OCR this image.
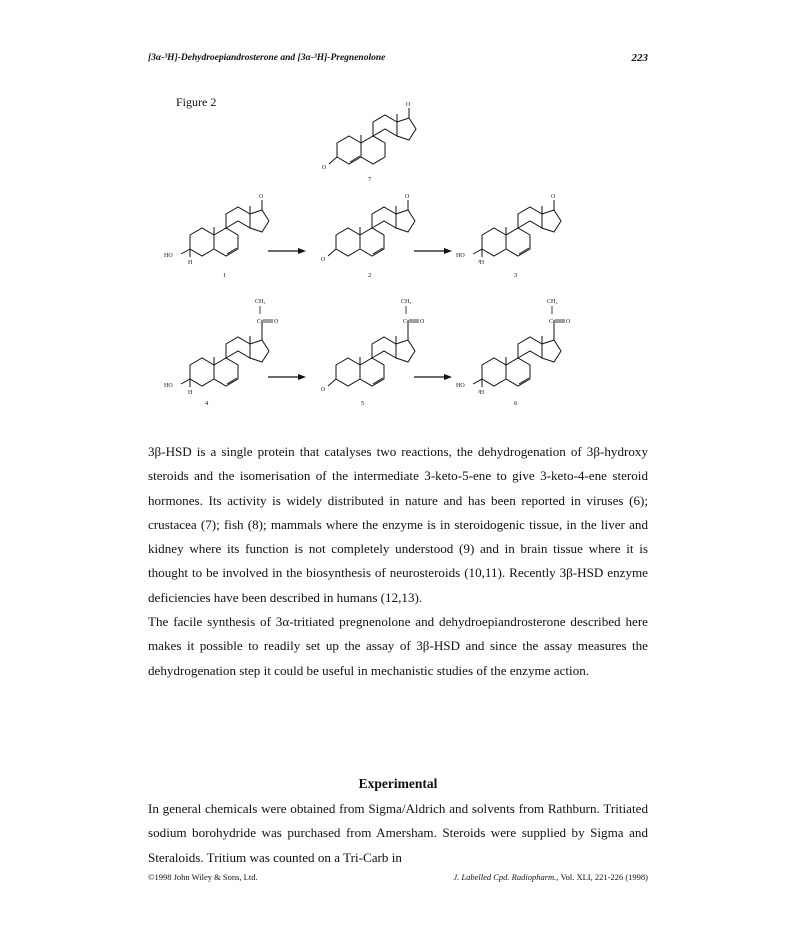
[3α-³H]-Dehydroepiandrosterone and [3α-³H]-Pregnenolone	223
Figure 2	O
O
7
O
HO
H
1
O
O
2
O
HO
³H
3
CH₃
C O
HO
H
4
CH₃
C O
O
5
CH₃
C O
HO
³H
6

3β-HSD is a single protein that catalyses two reactions, the dehydrogenation of 3β-hydroxy steroids and the isomerisation of the intermediate 3-keto-5-ene to give 3-keto-4-ene steroid hormones. Its activity is widely distributed in nature and has been reported in viruses (6); crustacea (7); fish (8); mammals where the enzyme is in steroidogenic tissue, in the liver and kidney where its function is not completely understood (9) and in brain tissue where it is thought to be involved in the biosynthesis of neurosteroids (10,11). Recently 3β-HSD enzyme deficiencies have been described in humans (12,13).

The facile synthesis of 3α-tritiated pregnenolone and dehydroepiandrosterone described here makes it possible to readily set up the assay of 3β-HSD and since the assay measures the dehydrogenation step it could be useful in mechanistic studies of the enzyme action.

Experimental

In general chemicals were obtained from Sigma/Aldrich and solvents from Rathburn. Tritiated sodium borohydride was purchased from Amersham. Steroids were supplied by Sigma and Steraloids. Tritium was counted on a Tri-Carb in

©1998 John Wiley & Sons, Ltd.	J. Labelled Cpd. Radiopharm., Vol. XLI, 221-226 (1998)
